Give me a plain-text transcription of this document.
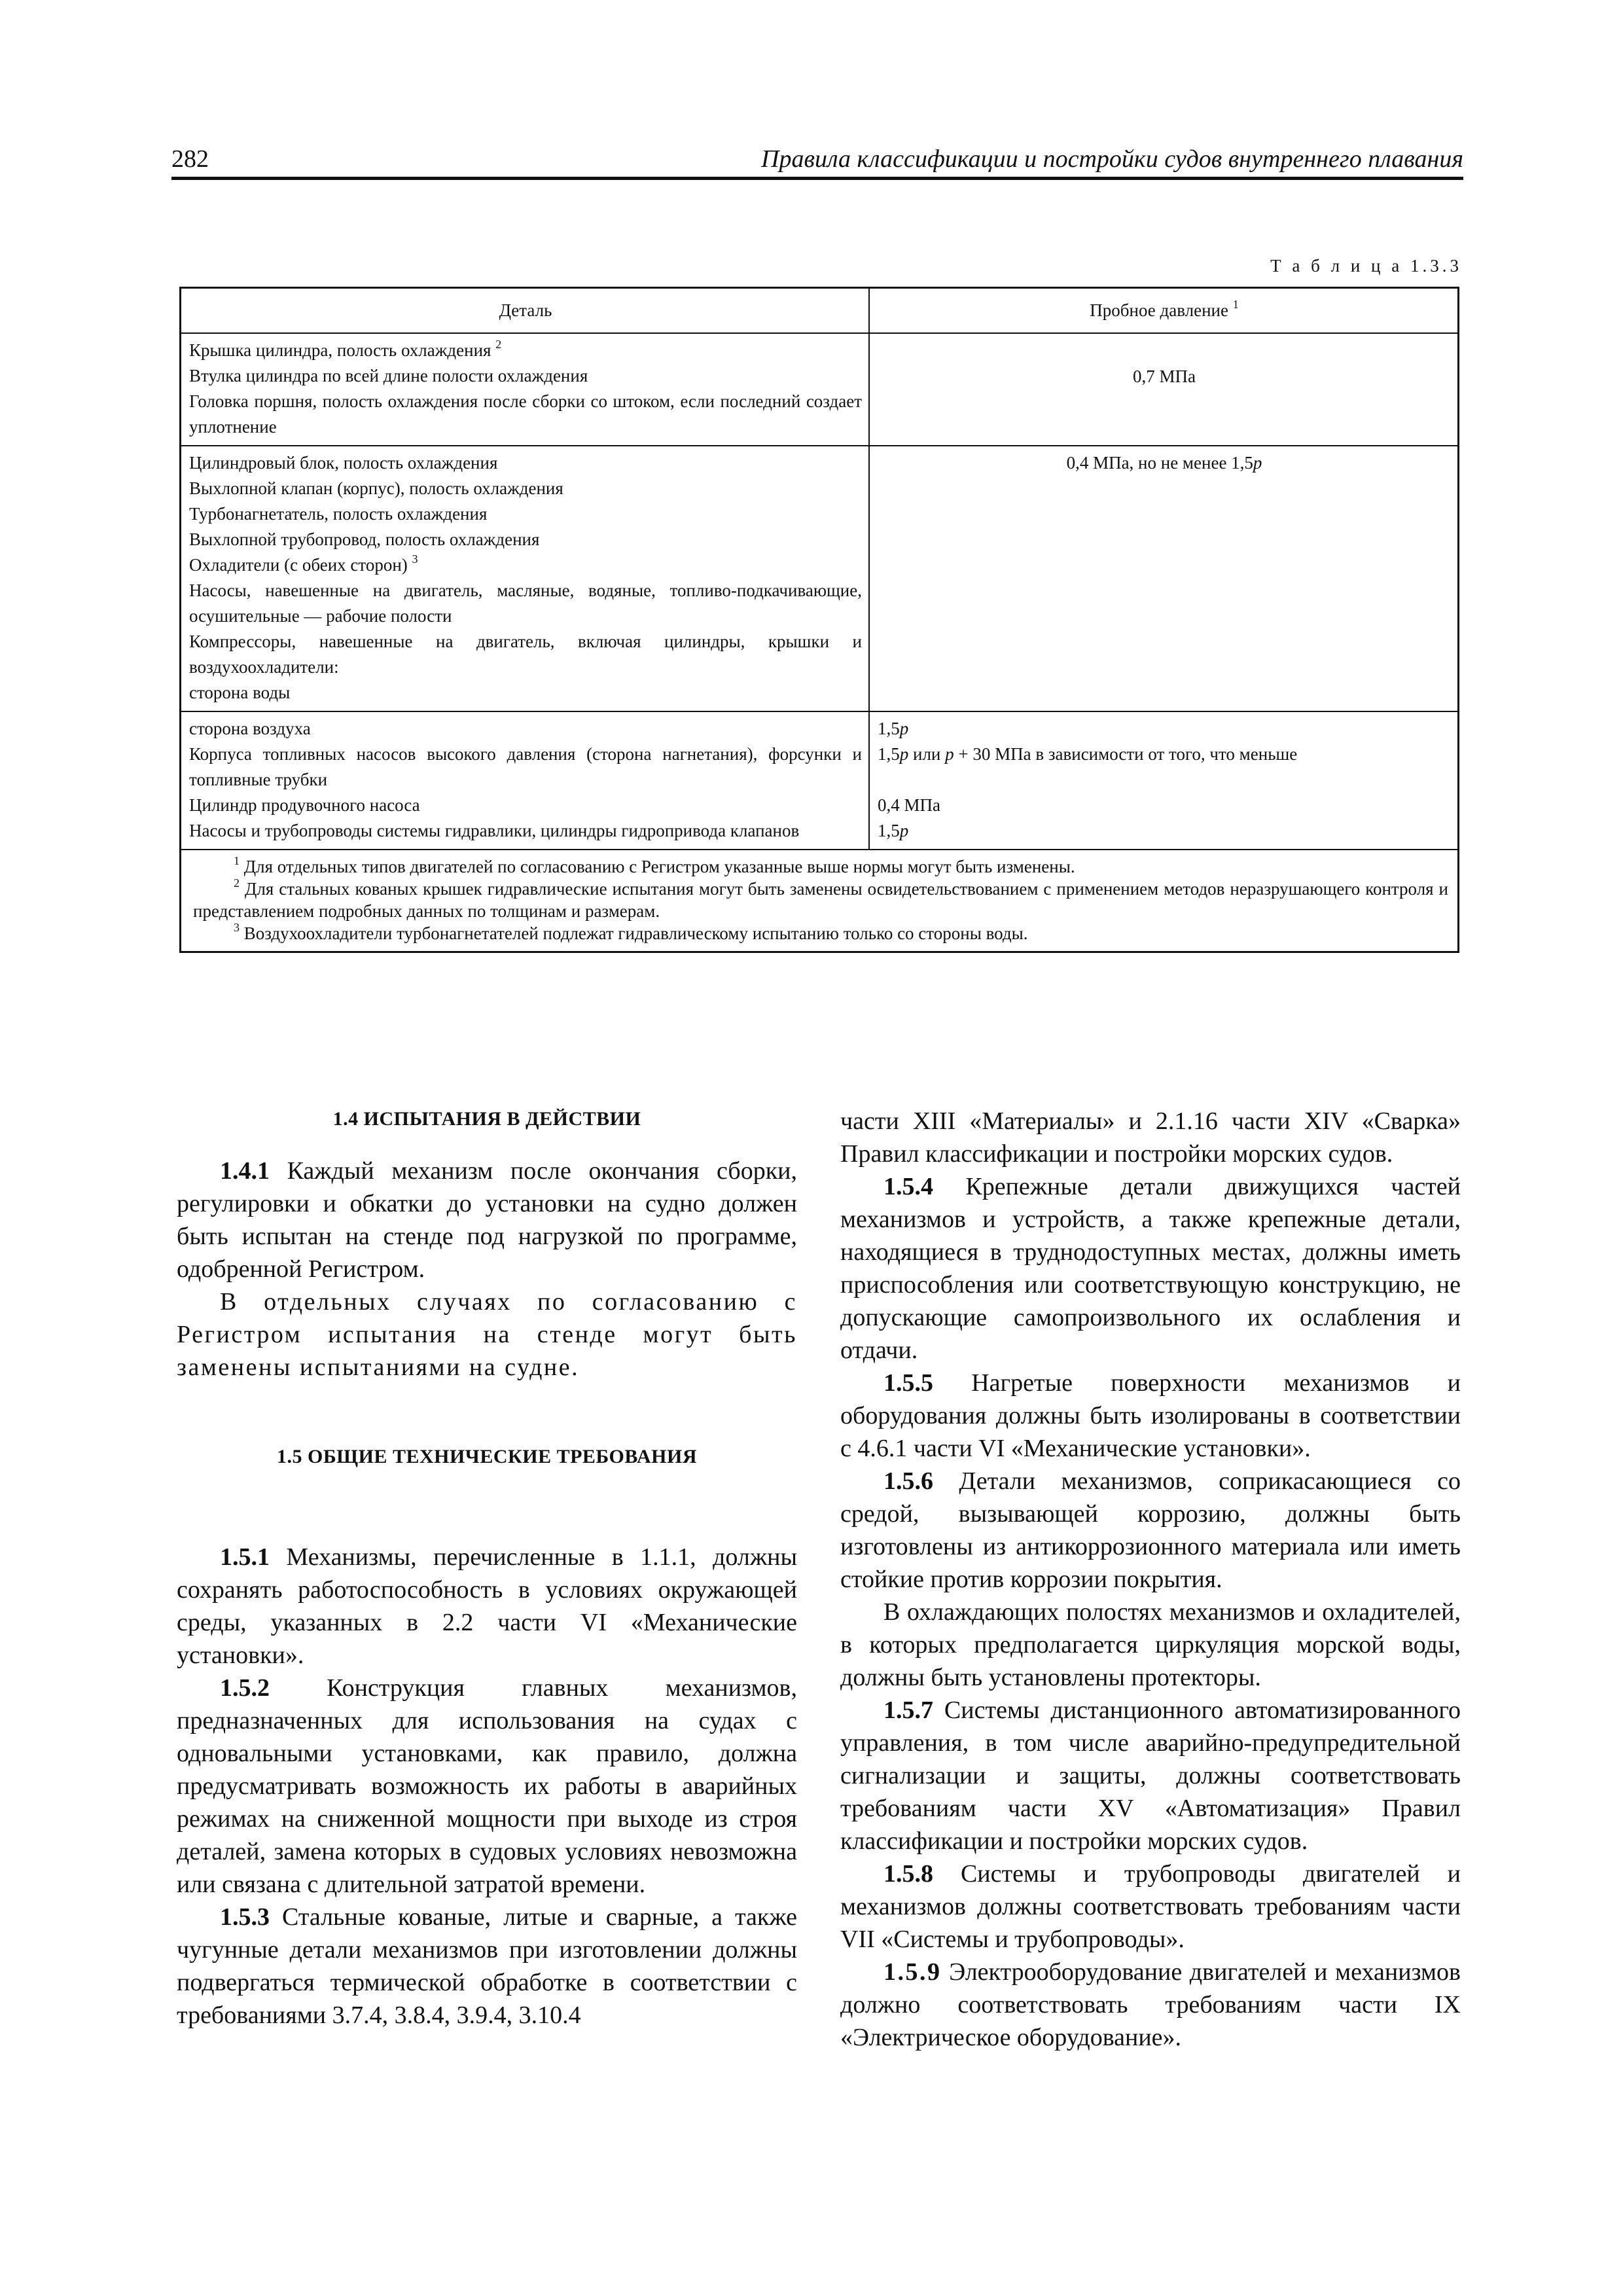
282	Правила классификации и постройки судов внутреннего плавания
Т а б л и ц а 1.3.3
Деталь	Пробное давление $^1$
Крышка цилиндра, полость охлаждения $^2$
Втулка цилиндра по всей длине полости охлаждения
Головка поршня, полость охлаждения после сборки со штоком, если последний создает уплотнение
0,7 МПа
Цилиндровый блок, полость охлаждения
Выхлопной клапан (корпус), полость охлаждения
Турбонагнетатель, полость охлаждения
Выхлопной трубопровод, полость охлаждения
Охладители (с обеих сторон) $^3$
Насосы, навешенные на двигатель, масляные, водяные, топливо-подкачивающие, осушительные — рабочие полости
Компрессоры, навешенные на двигатель, включая цилиндры, крышки и воздухоохладители:
сторона воды
0,4 МПа, но не менее 1,5p
сторона воздуха
Корпуса топливных насосов высокого давления (сторона нагнетания), форсунки и топливные трубки
Цилиндр продувочного насоса
Насосы и трубопроводы системы гидравлики, цилиндры гидропривода клапанов
1,5p
1,5p или p + 30 МПа в зависимости от того, что меньше

0,4 МПа
1,5p
$^1$ Для отдельных типов двигателей по согласованию с Регистром указанные выше нормы могут быть изменены.
$^2$ Для стальных кованых крышек гидравлические испытания могут быть заменены освидетельствованием с применением методов неразрушающего контроля и представлением подробных данных по толщинам и размерам.
$^3$ Воздухоохладители турбонагнетателей подлежат гидравлическому испытанию только со стороны воды.
1.4 ИСПЫТАНИЯ В ДЕЙСТВИИ

1.4.1 Каждый механизм после окончания сборки, регулировки и обкатки до установки на судно должен быть испытан на стенде под нагрузкой по программе, одобренной Регистром.

В отдельных случаях по согласованию с Регистром испытания на стенде могут быть заменены испытаниями на судне.

1.5 ОБЩИЕ ТЕХНИЧЕСКИЕ ТРЕБОВАНИЯ

1.5.1 Механизмы, перечисленные в 1.1.1, должны сохранять работоспособность в условиях окружающей среды, указанных в 2.2 части VI «Механические установки».

1.5.2 Конструкция главных механизмов, предназначенных для использования на судах с одновальными установками, как правило, должна предусматривать возможность их работы в аварийных режимах на сниженной мощности при выходе из строя деталей, замена которых в судовых условиях невозможна или связана с длительной затратой времени.

1.5.3 Стальные кованые, литые и сварные, а также чугунные детали механизмов при изготовлении должны подвергаться термической обработке в соответствии с требованиями 3.7.4, 3.8.4, 3.9.4, 3.10.4

части XIII «Материалы» и 2.1.16 части XIV «Сварка» Правил классификации и постройки морских судов.

1.5.4 Крепежные детали движущихся частей механизмов и устройств, а также крепежные детали, находящиеся в труднодоступных местах, должны иметь приспособления или соответствующую конструкцию, не допускающие самопроизвольного их ослабления и отдачи.

1.5.5 Нагретые поверхности механизмов и оборудования должны быть изолированы в соответствии с 4.6.1 части VI «Механические установки».

1.5.6 Детали механизмов, соприкасающиеся со средой, вызывающей коррозию, должны быть изготовлены из антикоррозионного материала или иметь стойкие против коррозии покрытия.

В охлаждающих полостях механизмов и охладителей, в которых предполагается циркуляция морской воды, должны быть установлены протекторы.

1.5.7 Системы дистанционного автоматизированного управления, в том числе аварийно-предупредительной сигнализации и защиты, должны соответствовать требованиям части XV «Автоматизация» Правил классификации и постройки морских судов.

1.5.8 Системы и трубопроводы двигателей и механизмов должны соответствовать требованиям части VII «Системы и трубопроводы».

1.5.9 Электрооборудование двигателей и механизмов должно соответствовать требованиям части IX «Электрическое оборудование».
